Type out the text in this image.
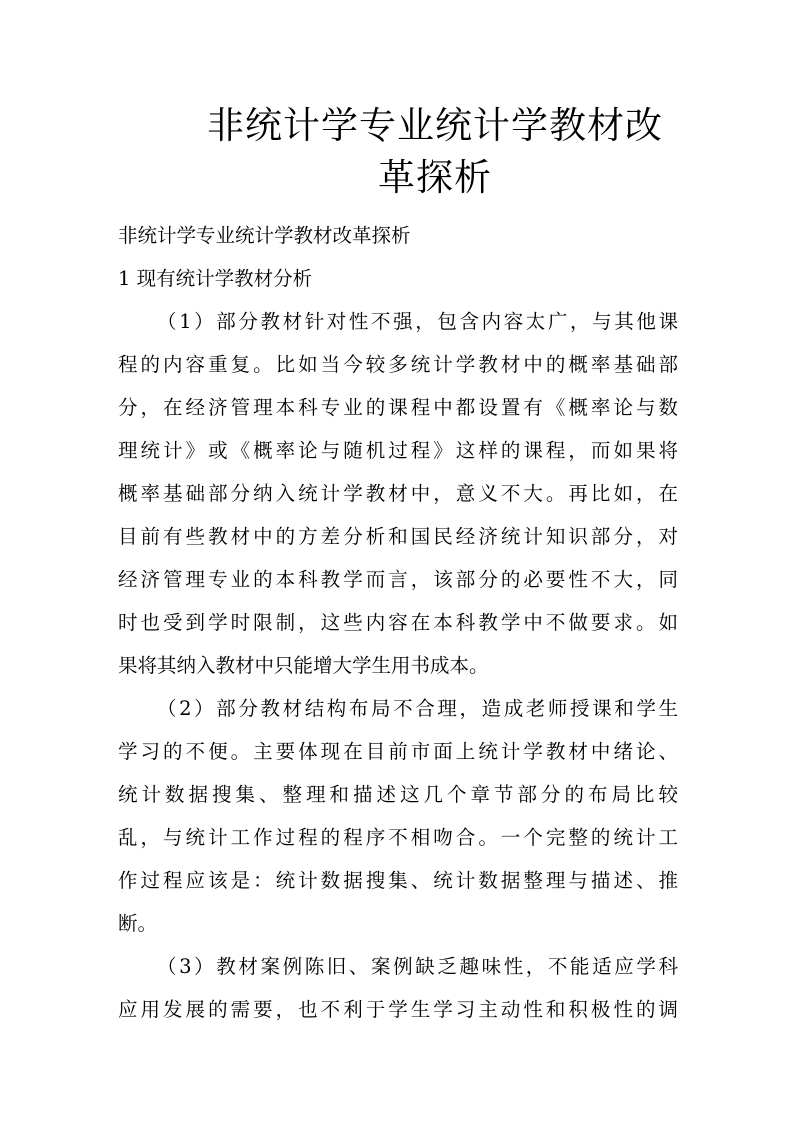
非统计学专业统计学教材改
革探析

非统计学专业统计学教材改革探析

1 现有统计学教材分析

（1）部分教材针对性不强，包含内容太广，与其他课
程的内容重复。比如当今较多统计学教材中的概率基础部
分，在经济管理本科专业的课程中都设置有《概率论与数
理统计》或《概率论与随机过程》这样的课程，而如果将
概率基础部分纳入统计学教材中，意义不大。再比如，在
目前有些教材中的方差分析和国民经济统计知识部分，对
经济管理专业的本科教学而言，该部分的必要性不大，同
时也受到学时限制，这些内容在本科教学中不做要求。如
果将其纳入教材中只能增大学生用书成本。
（2）部分教材结构布局不合理，造成老师授课和学生
学习的不便。主要体现在目前市面上统计学教材中绪论、
统计数据搜集、整理和描述这几个章节部分的布局比较
乱，与统计工作过程的程序不相吻合。一个完整的统计工
作过程应该是：统计数据搜集、统计数据整理与描述、推
断。
（3）教材案例陈旧、案例缺乏趣味性，不能适应学科
应用发展的需要，也不利于学生学习主动性和积极性的调
